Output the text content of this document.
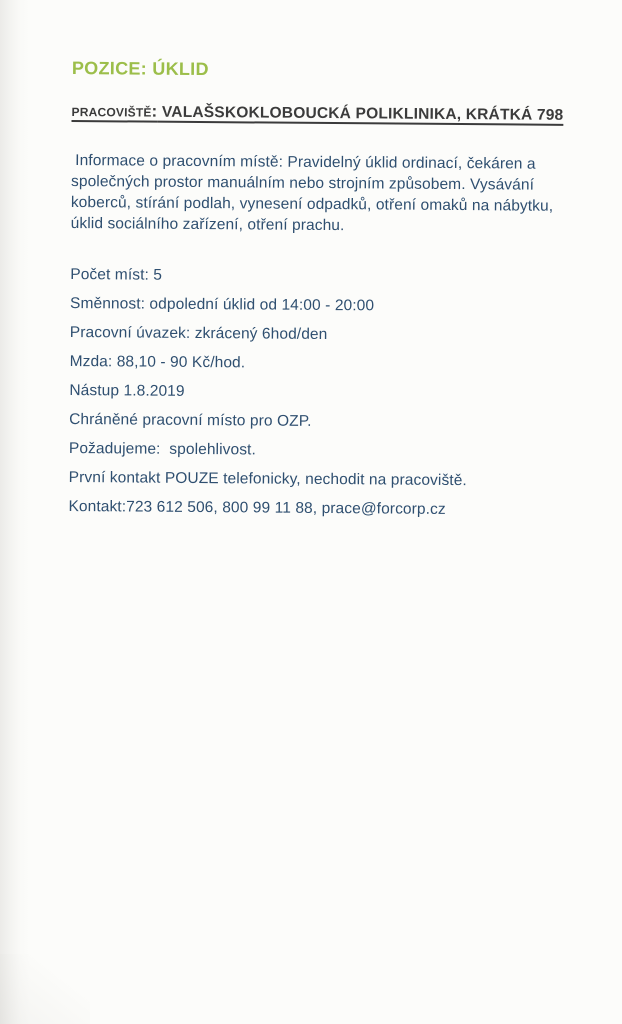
POZICE: ÚKLID
pracoviště: VALAŠSKOKLOBOUCKÁ POLIKLINIKA, KRÁTKÁ 798

Informace o pracovním místě: Pravidelný úklid ordinací, čekáren a společných prostor manuálním nebo strojním způsobem. Vysávání koberců, stírání podlah, vynesení odpadků, otření omaků na nábytku, úklid sociálního zařízení, otření prachu.

Počet míst: 5

Směnnost: odpolední úklid od 14:00 - 20:00

Pracovní úvazek: zkrácený 6hod/den

Mzda: 88,10 - 90 Kč/hod.

Nástup 1.8.2019

Chráněné pracovní místo pro OZP.

Požadujeme:  spolehlivost.

První kontakt POUZE telefonicky, nechodit na pracoviště.

Kontakt:723 612 506, 800 99 11 88, prace@forcorp.cz
